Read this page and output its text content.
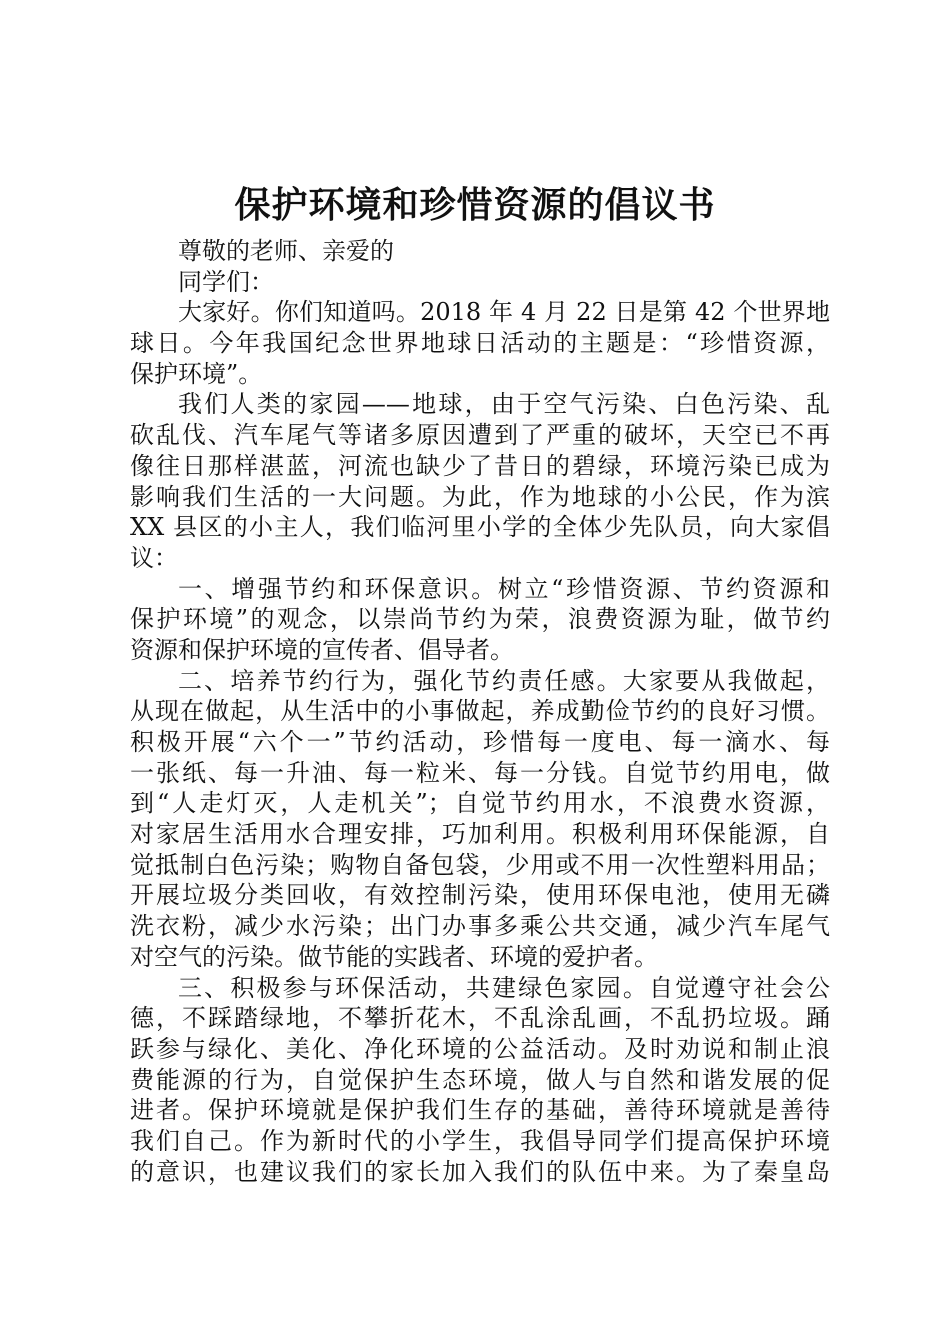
保护环境和珍惜资源的倡议书
尊敬的老师、亲爱的
同学们：
大家好。你们知道吗。2018 年 4 月 22 日是第 42 个世界地
球日。今年我国纪念世界地球日活动的主题是：“珍惜资源，
保护环境”。
我们人类的家园——地球，由于空气污染、白色污染、乱
砍乱伐、汽车尾气等诸多原因遭到了严重的破坏，天空已不再
像往日那样湛蓝，河流也缺少了昔日的碧绿，环境污染已成为
影响我们生活的一大问题。为此，作为地球的小公民，作为滨
XX 县区的小主人，我们临河里小学的全体少先队员，向大家倡
议：
一、增强节约和环保意识。树立“珍惜资源、节约资源和
保护环境”的观念，以崇尚节约为荣，浪费资源为耻，做节约
资源和保护环境的宣传者、倡导者。
二、培养节约行为，强化节约责任感。大家要从我做起，
从现在做起，从生活中的小事做起，养成勤俭节约的良好习惯。
积极开展“六个一”节约活动，珍惜每一度电、每一滴水、每
一张纸、每一升油、每一粒米、每一分钱。自觉节约用电，做
到“人走灯灭，人走机关”；自觉节约用水，不浪费水资源，
对家居生活用水合理安排，巧加利用。积极利用环保能源，自
觉抵制白色污染；购物自备包袋，少用或不用一次性塑料用品；
开展垃圾分类回收，有效控制污染，使用环保电池，使用无磷
洗衣粉，减少水污染；出门办事多乘公共交通，减少汽车尾气
对空气的污染。做节能的实践者、环境的爱护者。
三、积极参与环保活动，共建绿色家园。自觉遵守社会公
德，不踩踏绿地，不攀折花木，不乱涂乱画，不乱扔垃圾。踊
跃参与绿化、美化、净化环境的公益活动。及时劝说和制止浪
费能源的行为，自觉保护生态环境，做人与自然和谐发展的促
进者。保护环境就是保护我们生存的基础，善待环境就是善待
我们自己。作为新时代的小学生，我倡导同学们提高保护环境
的意识，也建议我们的家长加入我们的队伍中来。为了秦皇岛
